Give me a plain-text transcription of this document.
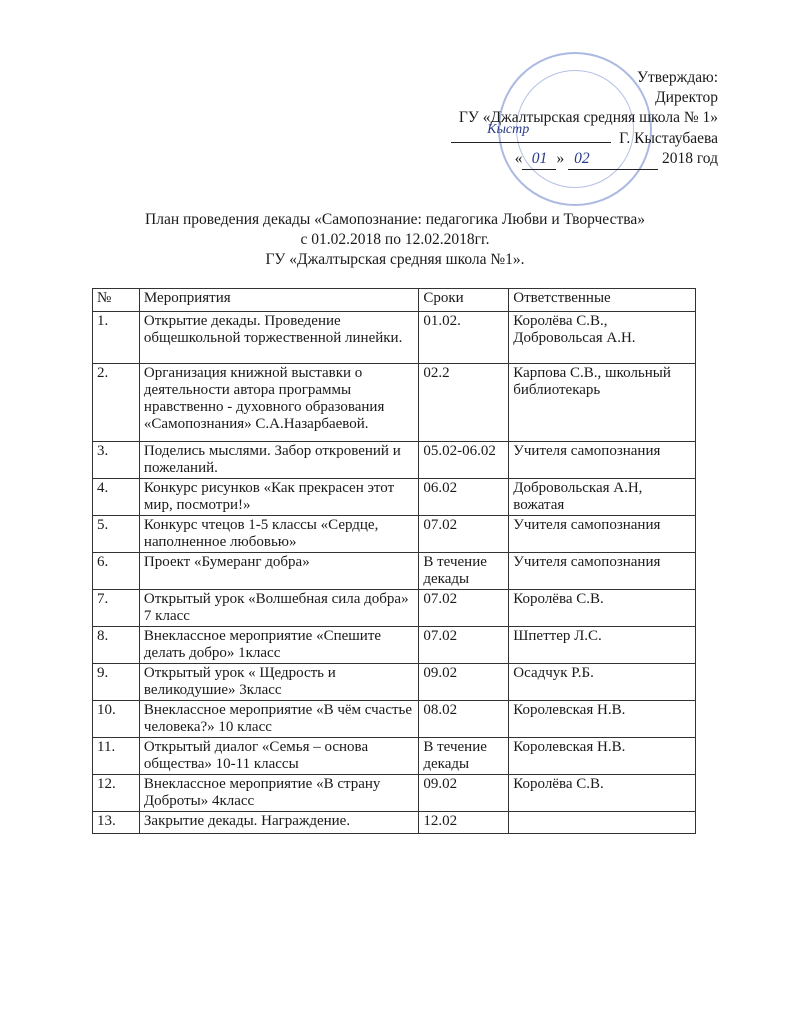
Утверждаю:
Директор
ГУ «Джалтырская средняя школа № 1»
Кыстр
Г. Кыстаубаева
« 01 » 02	2018 год
План проведения декады «Самопознание: педагогика Любви и Творчества»
с 01.02.2018 по 12.02.2018гг.
ГУ «Джалтырская средняя школа №1».
№	Мероприятия	Сроки	Ответственные
1.	Открытие декады. Проведение общешкольной торжественной линейки.	01.02.	Королёва С.В., Добровольсая А.Н.
2.	Организация книжной выставки о деятельности автора программы нравственно - духовного образования «Самопознания» С.А.Назарбаевой.	02.2	Карпова С.В., школьный библиотекарь
3.	Поделись мыслями. Забор откровений и пожеланий.	05.02-06.02	Учителя самопознания
4.	Конкурс рисунков «Как прекрасен этот мир, посмотри!»	06.02	Добровольская А.Н, вожатая
5.	Конкурс чтецов 1-5 классы «Сердце, наполненное любовью»	07.02	Учителя самопознания
6.	Проект «Бумеранг добра»	В течение декады	Учителя самопознания
7.	Открытый урок «Волшебная сила добра» 7 класс	07.02	Королёва С.В.
8.	Внеклассное мероприятие «Спешите делать добро» 1класс	07.02	Шпеттер Л.С.
9.	Открытый урок « Щедрость и великодушие» 3класс	09.02	Осадчук Р.Б.
10.	Внеклассное мероприятие «В чём счастье человека?» 10 класс	08.02	Королевская Н.В.
11.	Открытый диалог «Семья – основа общества» 10-11 классы	В течение декады	Королевская Н.В.
12.	Внеклассное мероприятие «В страну Доброты» 4класс	09.02	Королёва С.В.
13.	Закрытие декады. Награждение.	12.02	
